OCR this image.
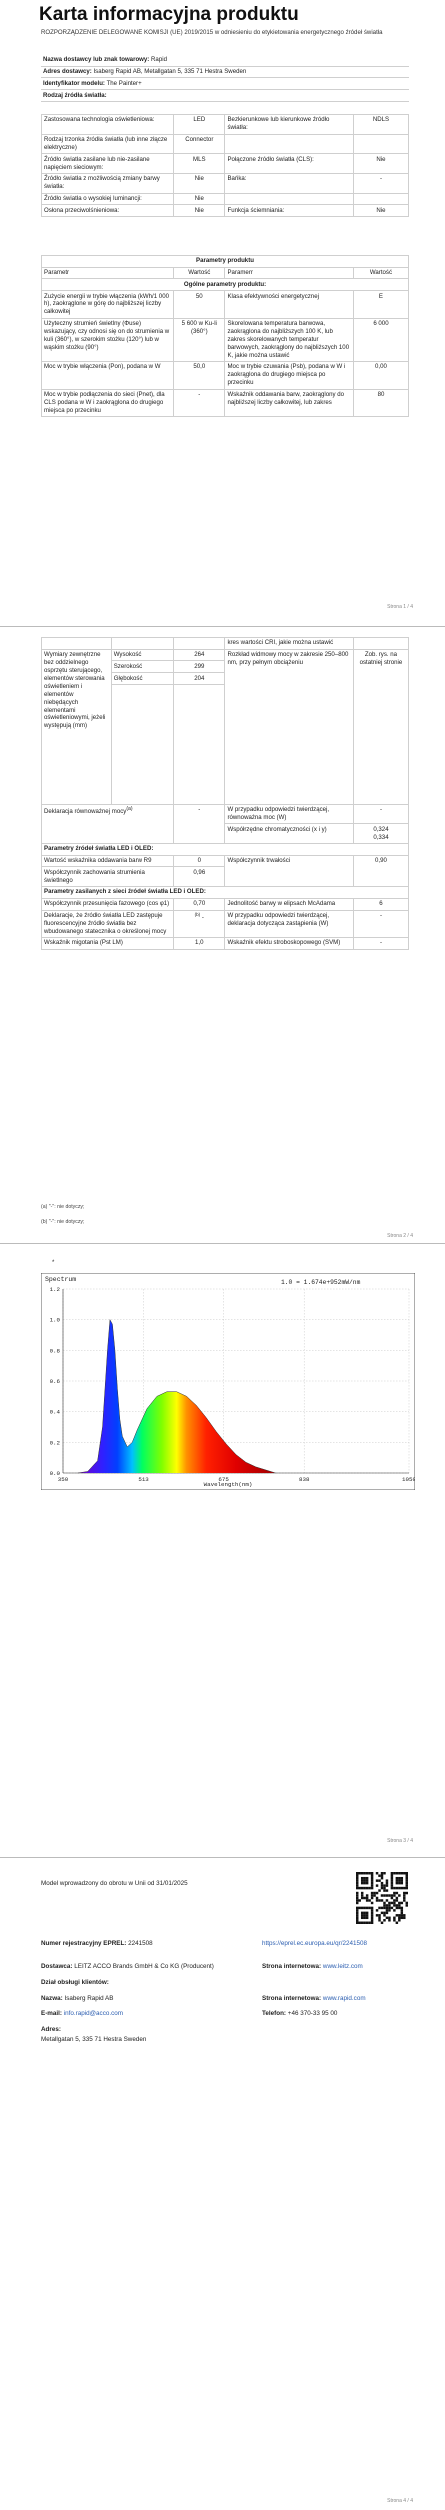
Karta informacyjna produktu
ROZPORZĄDZENIE DELEGOWANE KOMISJI (UE) 2019/2015 w odniesieniu do etykietowania energetycznego źródeł światła
Nazwa dostawcy lub znak towarowy: Rapid
Adres dostawcy: Isaberg Rapid AB, Metallgatan 5, 335 71 Hestra Sweden
Identyfikator modelu: The Painter+
Rodzaj źródła światła:
Zastosowana technologia oświetleniowa:	LED	Bezkierunkowe lub kierunkowe źródło światła:	NDLS
Rodzaj trzonka źródła światła (lub inne złącze elektryczne)	Connector		
Źródło światła zasilane lub nie-zasilane napięciem sieciowym:	MLS	Połączone źródło światła (CLS):	Nie
Źródło światła z możliwością zmiany barwy światła:	Nie	Bańka:	-
Źródło światła o wysokiej luminancji:	Nie		
Osłona przeciwolśnieniowa:	Nie	Funkcja ściemniania:	Nie
Parametry produktu			
Parametr	Wartość	Paramerr	Wartość
Ogólne parametry produktu:			
Zużycie energii w trybie włączenia (kWh/1 000 h), zaokrąglone w górę do najbliższej liczby całkowitej	50	Klasa efektywności energetycznej	E
Użyteczny strumień świetlny (Φuse) wskazujący, czy odnosi się on do strumienia w kuli (360°), w szerokim stożku (120°) lub w wąskim stożku (90°)	5 600 w Ku-li (360°)	Skorelowana temperatura barwowa, zaokrąglona do najbliższych 100 K, lub zakres skorelowanych temperatur barwowych, zaokrąglony do najbliższych 100 K, jakie można ustawić	6 000
Moc w trybie włączenia (Pon), podana w W	50,0	Moc w trybie czuwania (Psb), podana w W i zaokrąglona do drugiego miejsca po przecinku	0,00
Moc w trybie podłączenia do sieci (Pnet), dla CLS podana w W i zaokrąglona do drugiego miejsca po przecinku	-	Wskaźnik oddawania barw, zaokrąglony do najbliższej liczby całkowitej, lub zakres	80
Strona 1 / 4
			kres wartości CRI, jakie można ustawić	
Wymiary zewnętrzne bez oddzielnego osprzętu sterującego, elementów sterowania oświetleniem i elementów niebędących elementami oświetleniowymi, jeżeli występują (mm)	Wysokość	264	Rozkład widmowy mocy w zakresie 250–800 nm, przy pełnym obciążeniu	Zob. rys. na ostatniej stronie
	Szerokość	299		
	Głębokość	204		

Deklaracja równoważnej mocy$^{(a)}$		-	W przypadku odpowiedzi twierdzącej, równoważna moc (W)	-
			Współrzędne chromatyczności (x i y)	0,324
0,334

Parametry źródeł światła LED i OLED:				
Wartość wskaźnika oddawania barw R9		0	Współczynnik trwałości	0,90
Współczynnik zachowania strumienia świetlnego		0,96		
Parametry zasilanych z sieci źródeł światła LED i OLED:				
Współczynnik przesunięcia fazowego (cos φ1)		0,70	Jednolitość barwy w elipsach McAdama	6
Deklaracje, że źródło światła LED zastępuje fluorescencyjne źródło światła bez wbudowanego statecznika o określonej mocy		$^{(b)}$ -	W przypadku odpowiedzi twierdzącej, deklaracja dotycząca zastąpienia (W)	-
Wskaźnik migotania (Pst LM)		1,0	Wskaźnik efektu stroboskopowego (SVM)	-
(a) "-": nie dotyczy;
(b) "-": nie dotyczy;
Strona 2 / 4
*
0.0
0.2
0.4
0.6
0.8
1.0
1.2
350	513	675	838	1050
Spectrum	1.0 = 1.674e+952mW/nm
Wavelength(nm)
Strona 3 / 4
Model wprowadzony do obrotu w Unii od 31/01/2025
Numer rejestracyjny EPREL: 2241508	https://eprel.ec.europa.eu/qr/2241508
Dostawca: LEITZ ACCO Brands GmbH & Co KG (Producent)	Strona internetowa: www.leitz.com
Dział obsługi klientów:
Nazwa: Isaberg Rapid AB	Strona internetowa: www.rapid.com
E-mail: info.rapid@acco.com	Telefon: +46 370-33 95 00
Adres:
Metallgatan 5, 335 71 Hestra Sweden
Strona 4 / 4
